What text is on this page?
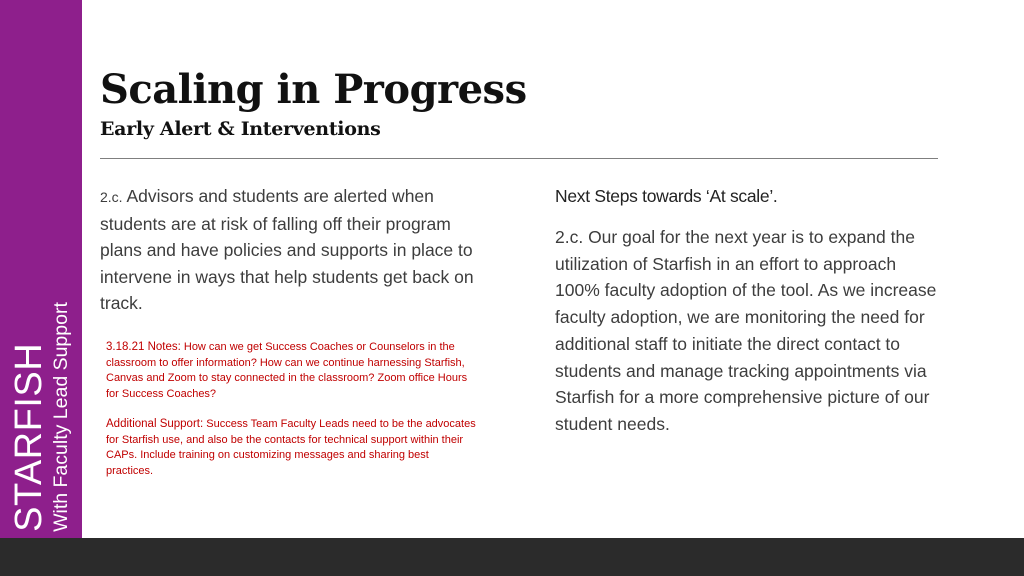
STARFISH With Faculty Lead Support
Scaling in Progress
Early Alert & Interventions

2.c. Advisors and students are alerted when students are at risk of falling off their program plans and have policies and supports in place to intervene in ways that help students get back on track.

3.18.21 Notes: How can we get Success Coaches or Counselors in the classroom to offer information? How can we continue harnessing Starfish, Canvas and Zoom to stay connected in the classroom? Zoom office Hours for Success Coaches?

Additional Support: Success Team Faculty Leads need to be the advocates for Starfish use, and also be the contacts for technical support within their CAPs. Include training on customizing messages and sharing best practices.

Next Steps towards ‘At scale’.

2.c. Our goal for the next year is to expand the utilization of Starfish in an effort to approach 100% faculty adoption of the tool. As we increase faculty adoption, we are monitoring the need for additional staff to initiate the direct contact to students and manage tracking appointments via Starfish for a more comprehensive picture of our student needs.
